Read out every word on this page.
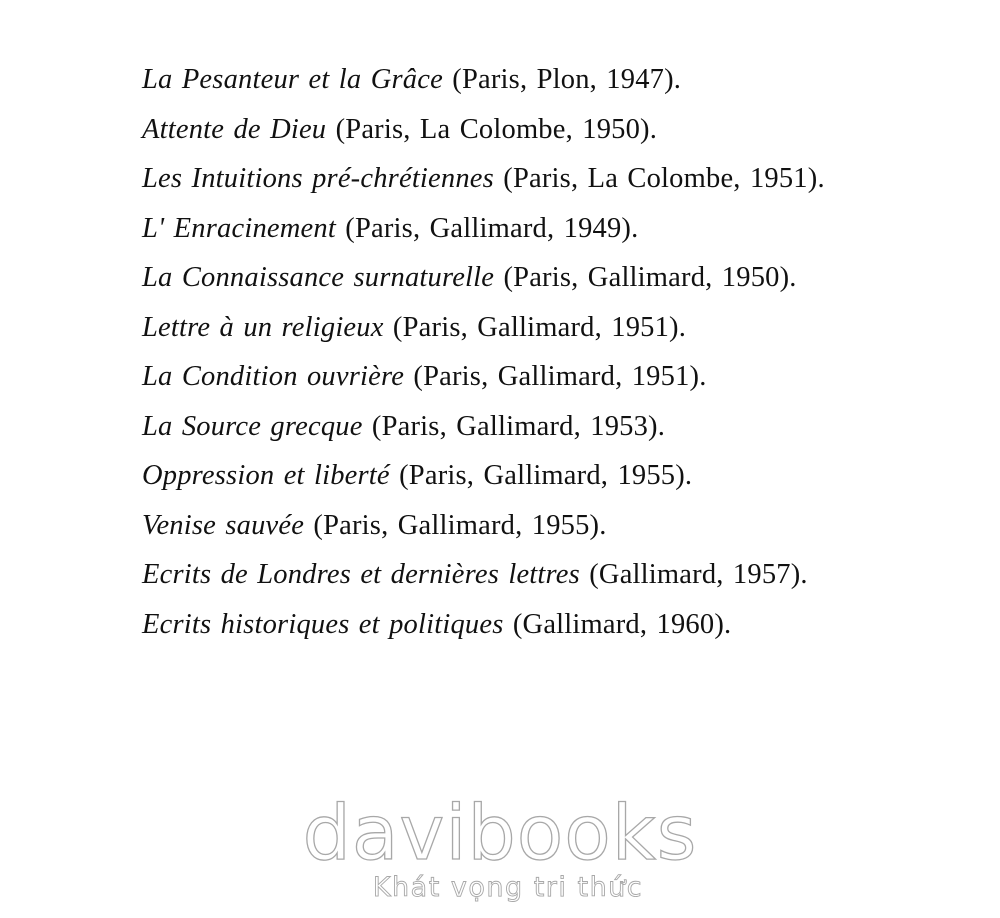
La Pesanteur et la Grâce (Paris, Plon, 1947).
Attente de Dieu (Paris, La Colombe, 1950).
Les Intuitions pré-chrétiennes (Paris, La Colombe, 1951).
L' Enracinement (Paris, Gallimard, 1949).
La Connaissance surnaturelle (Paris, Gallimard, 1950).
Lettre à un religieux (Paris, Gallimard, 1951).
La Condition ouvrière (Paris, Gallimard, 1951).
La Source grecque (Paris, Gallimard, 1953).
Oppression et liberté (Paris, Gallimard, 1955).
Venise sauvée (Paris, Gallimard, 1955).
Ecrits de Londres et dernières lettres (Gallimard, 1957).
Ecrits historiques et politiques (Gallimard, 1960).
davibooks
Khát vọng tri thức
